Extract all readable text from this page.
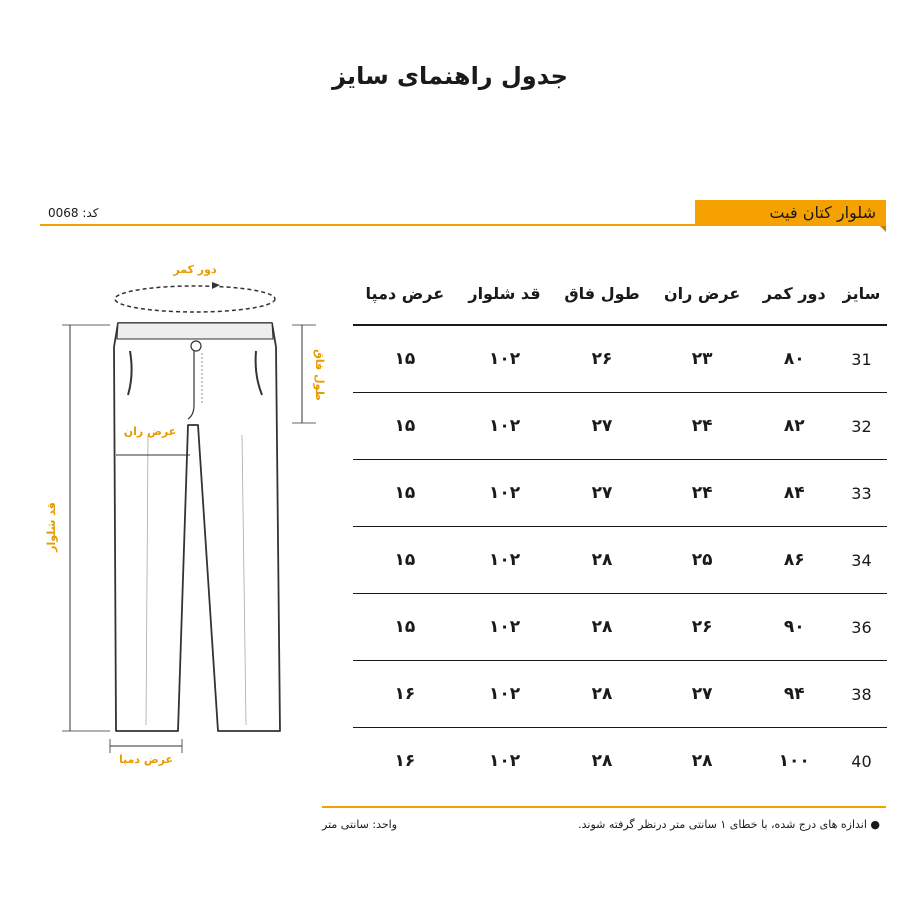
جدول راهنمای سایز
شلوار کتان فیت
کد: 0068
دور کمر
قد شلوار
طول فاق
عرض ران
عرض دمپا
سایز	دور کمر	عرض ران	طول فاق	قد شلوار	عرض دمپا
31	۸۰	۲۳	۲۶	۱۰۲	۱۵
32	۸۲	۲۴	۲۷	۱۰۲	۱۵
33	۸۴	۲۴	۲۷	۱۰۲	۱۵
34	۸۶	۲۵	۲۸	۱۰۲	۱۵
36	۹۰	۲۶	۲۸	۱۰۲	۱۵
38	۹۴	۲۷	۲۸	۱۰۲	۱۶
40	۱۰۰	۲۸	۲۸	۱۰۲	۱۶
● اندازه های درج شده، با خطای ۱ سانتی متر درنظر گرفته شوند.
واحد: سانتی متر
